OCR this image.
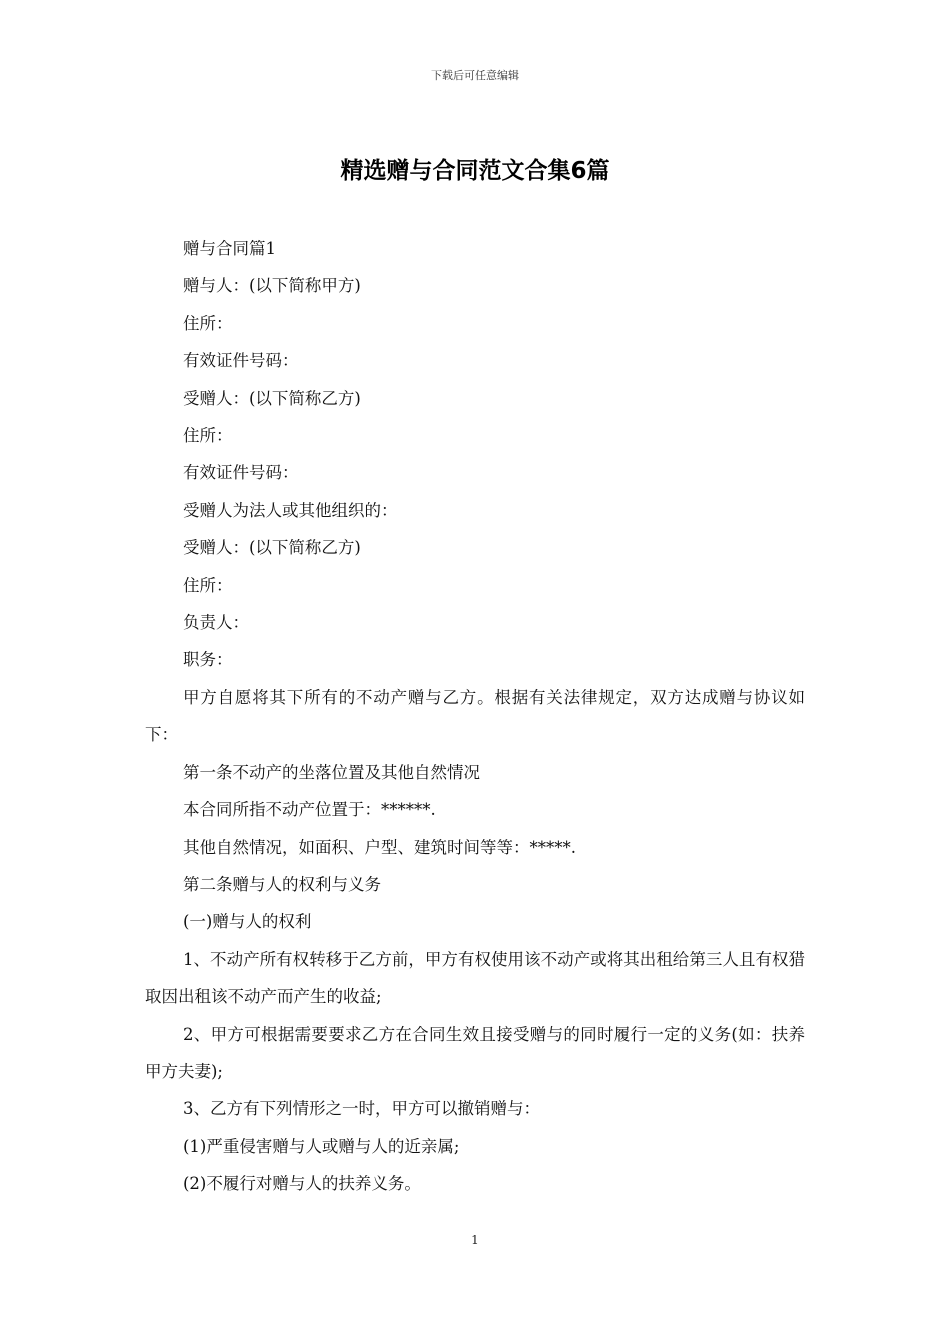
下载后可任意编辑
精选赠与合同范文合集6篇

赠与合同篇1

赠与人：(以下简称甲方)

住所：

有效证件号码：

受赠人：(以下简称乙方)

住所：

有效证件号码：

受赠人为法人或其他组织的：

受赠人：(以下简称乙方)

住所：

负责人：

职务：

甲方自愿将其下所有的不动产赠与乙方。根据有关法律规定，双方达成赠与协议如下：

第一条不动产的坐落位置及其他自然情况

本合同所指不动产位置于：******.

其他自然情况，如面积、户型、建筑时间等等：*****.

第二条赠与人的权利与义务

(一)赠与人的权利

1、不动产所有权转移于乙方前，甲方有权使用该不动产或将其出租给第三人且有权猎取因出租该不动产而产生的收益;

2、甲方可根据需要要求乙方在合同生效且接受赠与的同时履行一定的义务(如：扶养甲方夫妻);

3、乙方有下列情形之一时，甲方可以撤销赠与：

(1)严重侵害赠与人或赠与人的近亲属;

(2)不履行对赠与人的扶养义务。

1
